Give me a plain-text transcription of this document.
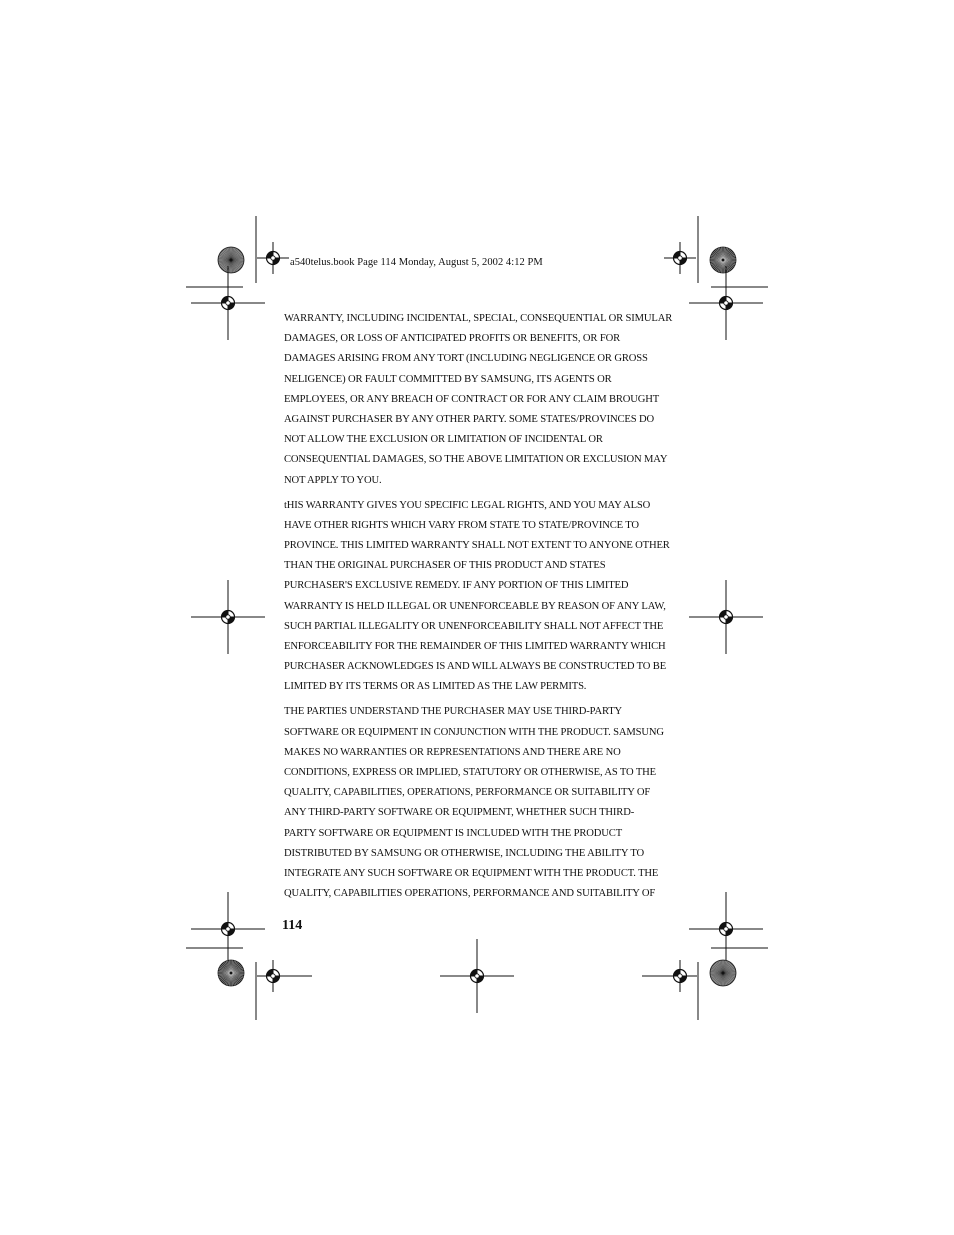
a540telus.book Page 114 Monday, August 5, 2002 4:12 PM
WARRANTY, INCLUDING INCIDENTAL, SPECIAL, CONSEQUENTIAL OR SIMULAR
DAMAGES, OR LOSS OF ANTICIPATED PROFITS OR BENEFITS, OR FOR
DAMAGES ARISING FROM ANY TORT (INCLUDING NEGLIGENCE OR GROSS
NELIGENCE) OR FAULT COMMITTED BY SAMSUNG, ITS AGENTS OR
EMPLOYEES, OR ANY BREACH OF CONTRACT OR FOR ANY CLAIM BROUGHT
AGAINST PURCHASER BY ANY OTHER PARTY. SOME STATES/PROVINCES DO
NOT ALLOW THE EXCLUSION OR LIMITATION OF INCIDENTAL OR
CONSEQUENTIAL DAMAGES, SO THE ABOVE LIMITATION OR EXCLUSION MAY
NOT APPLY TO YOU.
tHIS WARRANTY GIVES YOU SPECIFIC LEGAL RIGHTS, AND YOU MAY ALSO
HAVE OTHER RIGHTS WHICH VARY FROM STATE TO STATE/PROVINCE TO
PROVINCE. THIS LIMITED WARRANTY SHALL NOT EXTENT TO ANYONE OTHER
THAN THE ORIGINAL PURCHASER OF THIS PRODUCT AND STATES
PURCHASER'S EXCLUSIVE REMEDY. IF ANY PORTION OF THIS LIMITED
WARRANTY IS HELD ILLEGAL OR UNENFORCEABLE BY REASON OF ANY LAW,
SUCH PARTIAL ILLEGALITY OR UNENFORCEABILITY SHALL NOT AFFECT THE
ENFORCEABILITY FOR THE REMAINDER OF THIS LIMITED WARRANTY WHICH
PURCHASER ACKNOWLEDGES IS AND WILL ALWAYS BE CONSTRUCTED TO BE
LIMITED BY ITS TERMS OR AS LIMITED AS THE LAW PERMITS.
THE PARTIES UNDERSTAND THE PURCHASER MAY USE THIRD-PARTY
SOFTWARE OR EQUIPMENT IN CONJUNCTION WITH THE PRODUCT. SAMSUNG
MAKES NO WARRANTIES OR REPRESENTATIONS AND THERE ARE NO
CONDITIONS, EXPRESS OR IMPLIED, STATUTORY OR OTHERWISE, AS TO THE
QUALITY, CAPABILITIES, OPERATIONS, PERFORMANCE OR SUITABILITY OF
ANY THIRD-PARTY SOFTWARE OR EQUIPMENT, WHETHER SUCH THIRD-
PARTY SOFTWARE OR EQUIPMENT IS INCLUDED WITH THE PRODUCT
DISTRIBUTED BY SAMSUNG OR OTHERWISE, INCLUDING THE ABILITY TO
INTEGRATE ANY SUCH SOFTWARE OR EQUIPMENT WITH THE PRODUCT. THE
QUALITY, CAPABILITIES OPERATIONS, PERFORMANCE AND SUITABILITY OF
114
